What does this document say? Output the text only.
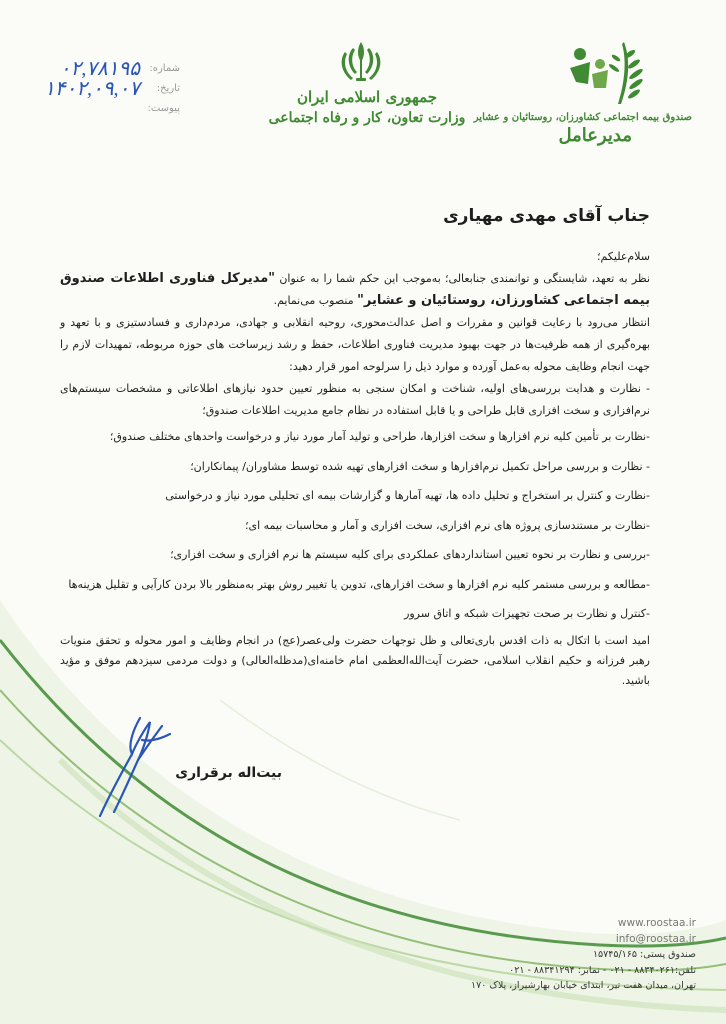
جمهوری اسلامی ایران
وزارت تعاون، کار و رفاه اجتماعی صندوق بیمه اجتماعی کشاورزان، روستائیان و عشایر
مدیرعامل
شماره:
۰۲,۷۸۱۹۵
تاریخ:
۱۴۰۲,۰۹,۰۷
پیوست:
جناب آقای مهدی مهیاری

سلام‌علیکم؛

نظر به تعهد، شایستگی و توانمندی جنابعالی؛ به‌موجب این حکم شما را به عنوان "مدیرکل فناوری اطلاعات صندوق بیمه اجتماعی کشاورزان، روستائیان و عشایر" منصوب می‌نمایم.

انتظار می‌رود با رعایت قوانین و مقررات و اصل عدالت‌محوری، روحیه انقلابی و جهادی، مردم‌داری و فسادستیزی و با تعهد و بهره‌گیری از همه ظرفیت‌ها در جهت بهبود مدیریت فناوری اطلاعات، حفظ و رشد زیرساخت های حوزه مربوطه، تمهیدات لازم را جهت انجام وظایف محوله به‌عمل آورده و موارد ذیل را سرلوحه امور قرار دهید:

- نظارت و هدایت بررسی‌های اولیه، شناخت و امکان سنجی به منظور تعیین حدود نیازهای اطلاعاتی و مشخصات سیستم‌های نرم‌افزاری و سخت افزاری قابل طراحی و یا قابل استفاده در نظام جامع مدیریت اطلاعات صندوق؛

-نظارت بر تأمین کلیه نرم افزارها و سخت افزارها، طراحی و تولید آمار مورد نیاز و درخواست واحدهای مختلف صندوق؛

- نظارت و بررسی مراحل تکمیل نرم‌افزارها و سخت افزارهای تهیه شده توسط مشاوران/ پیمانکاران؛

-نظارت و کنترل بر استخراج و تحلیل داده ها، تهیه آمارها و گزارشات بیمه ای تحلیلی مورد نیاز و درخواستی

-نظارت بر مستندسازی پروژه های نرم افزاری، سخت افزاری و آمار و محاسبات بیمه ای؛

-بررسی و نظارت بر نحوه تعیین استانداردهای عملکردی برای کلیه سیستم ها نرم افزاری و سخت افزاری؛

-مطالعه و بررسی مستمر کلیه نرم افزارها و سخت افزارهای، تدوین یا تغییر روش بهتر به‌منظور بالا بردن کارآیی و تقلیل هزینه‌ها

-کنترل و نظارت بر صحت تجهیزات شبکه و اتاق سرور

امید است با اتکال به ذات اقدس باری‌تعالی و ظل توجهات حضرت ولی‌عصر(عج) در انجام وظایف و امور محوله و تحقق منویات رهبر فرزانه و حکیم انقلاب اسلامی، حضرت آیت‌الله‌العظمی امام خامنه‌ای(مدظله‌العالی) و دولت مردمی سیزدهم موفق و مؤید باشید.

بیت‌اله برقراری
www.roostaa.ir
info@roostaa.ir
صندوق پستی: ۱۵۷۴۵/۱۶۵
تلفن:۸۸۳۴۰۲۶۱ - ۰۲۱ - نمابر: ۸۸۳۴۱۲۹۴ - ۰۲۱
تهران، میدان هفت تیر، ابتدای خیابان بهارشیراز، پلاک ۱۷۰
